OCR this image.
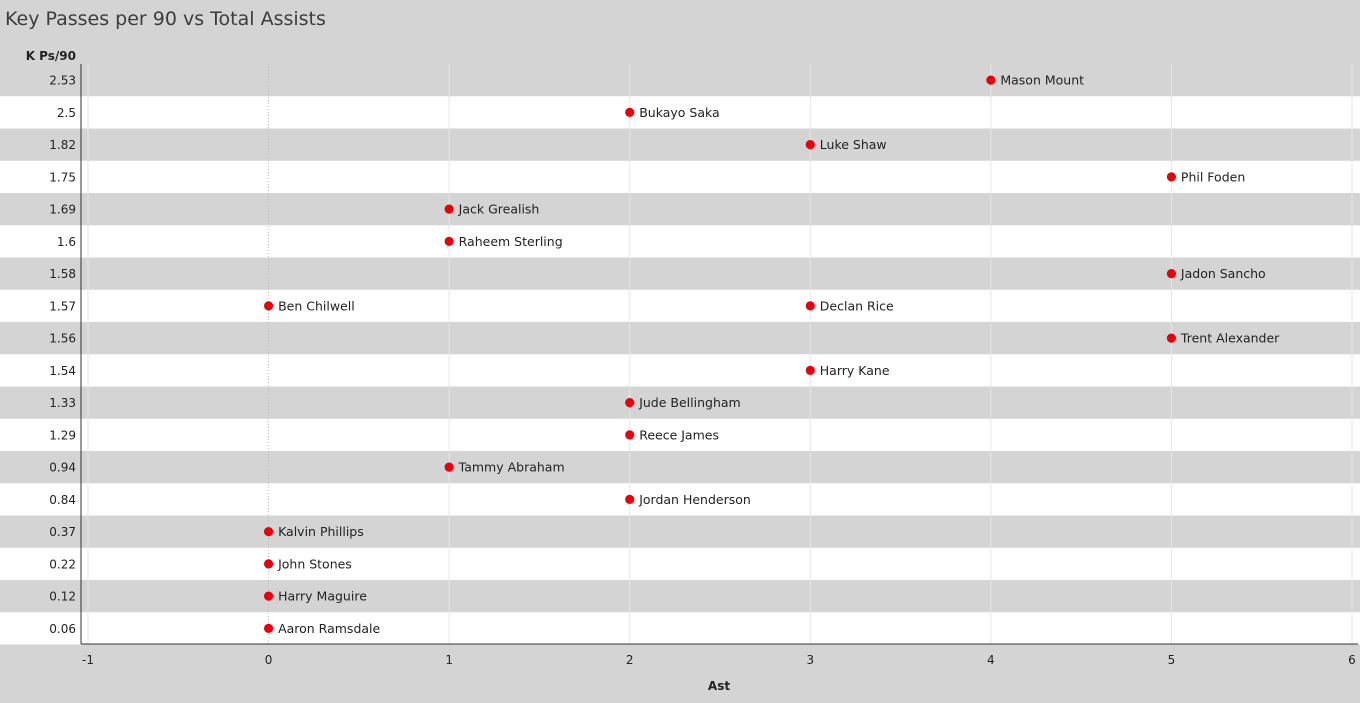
Key Passes per 90 vs Total Assists
K Ps/90
Ast
2.53
2.5
1.82
1.75
1.69
1.6
1.58
1.57
1.56
1.54
1.33
1.29
0.94
0.84
0.37
0.22
0.12
0.06
-1	0	1	2	3	4	5	6
Mason Mount
Bukayo Saka
Luke Shaw
Phil Foden
Jack Grealish
Raheem Sterling
Jadon Sancho
Ben Chilwell	Declan Rice
Trent Alexander
Harry Kane
Jude Bellingham
Reece James
Tammy Abraham
Jordan Henderson
Kalvin Phillips
John Stones
Harry Maguire
Aaron Ramsdale
